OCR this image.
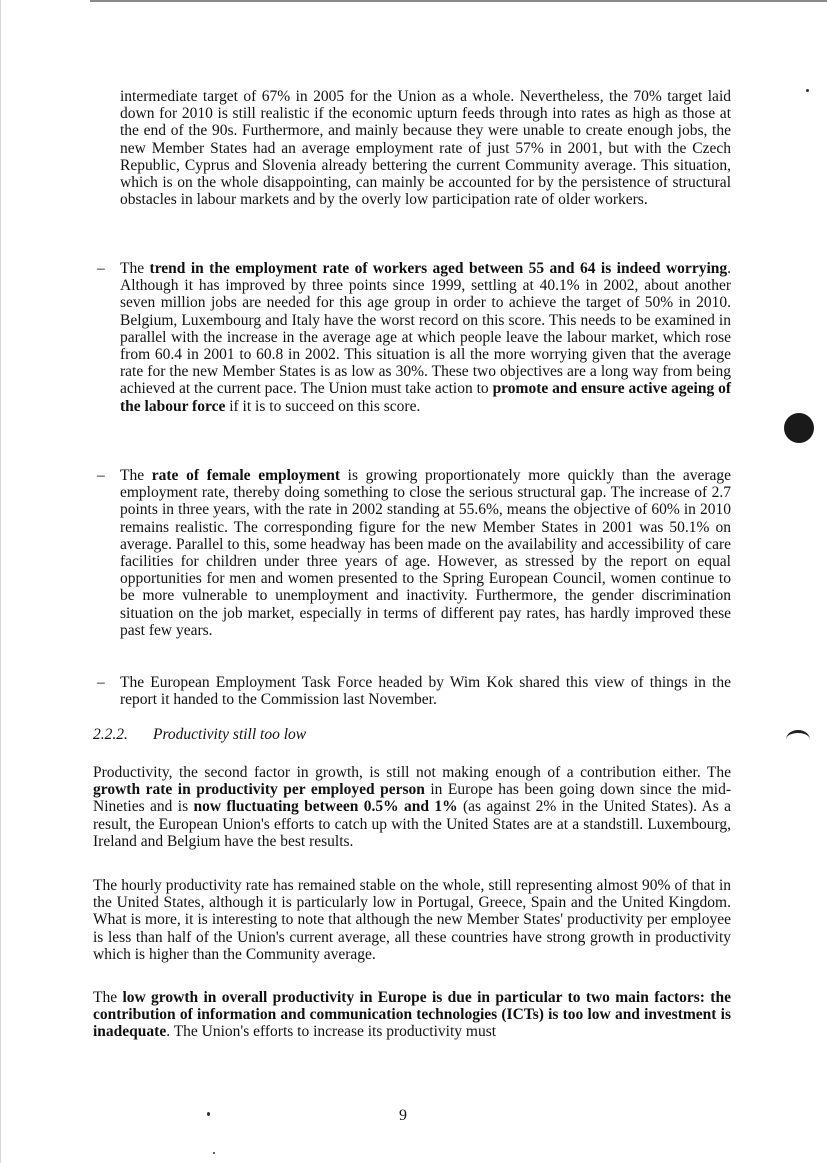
intermediate target of 67% in 2005 for the Union as a whole. Nevertheless, the 70% target laid down for 2010 is still realistic if the economic upturn feeds through into rates as high as those at the end of the 90s. Furthermore, and mainly because they were unable to create enough jobs, the new Member States had an average employment rate of just 57% in 2001, but with the Czech Republic, Cyprus and Slovenia already bettering the current Community average. This situation, which is on the whole disappointing, can mainly be accounted for by the persistence of structural obstacles in labour markets and by the overly low participation rate of older workers.

– The trend in the employment rate of workers aged between 55 and 64 is indeed worrying. Although it has improved by three points since 1999, settling at 40.1% in 2002, about another seven million jobs are needed for this age group in order to achieve the target of 50% in 2010. Belgium, Luxembourg and Italy have the worst record on this score. This needs to be examined in parallel with the increase in the average age at which people leave the labour market, which rose from 60.4 in 2001 to 60.8 in 2002. This situation is all the more worrying given that the average rate for the new Member States is as low as 30%. These two objectives are a long way from being achieved at the current pace. The Union must take action to promote and ensure active ageing of the labour force if it is to succeed on this score.
– The rate of female employment is growing proportionately more quickly than the average employment rate, thereby doing something to close the serious structural gap. The increase of 2.7 points in three years, with the rate in 2002 standing at 55.6%, means the objective of 60% in 2010 remains realistic. The corresponding figure for the new Member States in 2001 was 50.1% on average. Parallel to this, some headway has been made on the availability and accessibility of care facilities for children under three years of age. However, as stressed by the report on equal opportunities for men and women presented to the Spring European Council, women continue to be more vulnerable to unemployment and inactivity. Furthermore, the gender discrimination situation on the job market, especially in terms of different pay rates, has hardly improved these past few years.
– The European Employment Task Force headed by Wim Kok shared this view of things in the report it handed to the Commission last November.
2.2.2. Productivity still too low
Productivity, the second factor in growth, is still not making enough of a contribution either. The growth rate in productivity per employed person in Europe has been going down since the mid-Nineties and is now fluctuating between 0.5% and 1% (as against 2% in the United States). As a result, the European Union's efforts to catch up with the United States are at a standstill. Luxembourg, Ireland and Belgium have the best results.

The hourly productivity rate has remained stable on the whole, still representing almost 90% of that in the United States, although it is particularly low in Portugal, Greece, Spain and the United Kingdom. What is more, it is interesting to note that although the new Member States' productivity per employee is less than half of the Union's current average, all these countries have strong growth in productivity which is higher than the Community average.

The low growth in overall productivity in Europe is due in particular to two main factors: the contribution of information and communication technologies (ICTs) is too low and investment is inadequate. The Union's efforts to increase its productivity must
9
